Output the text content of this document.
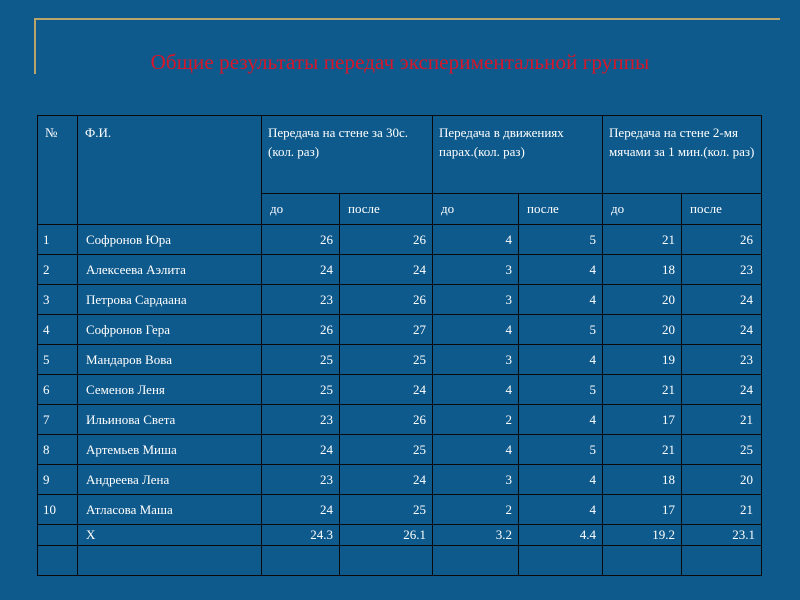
Общие результаты передач экспериментальной группы
№	Ф.И.	Передача на стене за 30с.(кол. раз)		Передача в движениях парах.(кол. раз)		Передача на стене 2-мя мячами за 1 мин.(кол. раз)	
		до	после	до	после	до	после
1	Софронов Юра	26	26	4	5	21	26
2	Алексеева Аэлита	24	24	3	4	18	23
3	Петрова Сардаана	23	26	3	4	20	24
4	Софронов Гера	26	27	4	5	20	24
5	Мандаров Вова	25	25	3	4	19	23
6	Семенов Леня	25	24	4	5	21	24
7	Ильинова Света	23	26	2	4	17	21
8	Артемьев Миша	24	25	4	5	21	25
9	Андреева Лена	23	24	3	4	18	20
10	Атласова Маша	24	25	2	4	17	21
	Х	24.3	26.1	3.2	4.4	19.2	23.1
